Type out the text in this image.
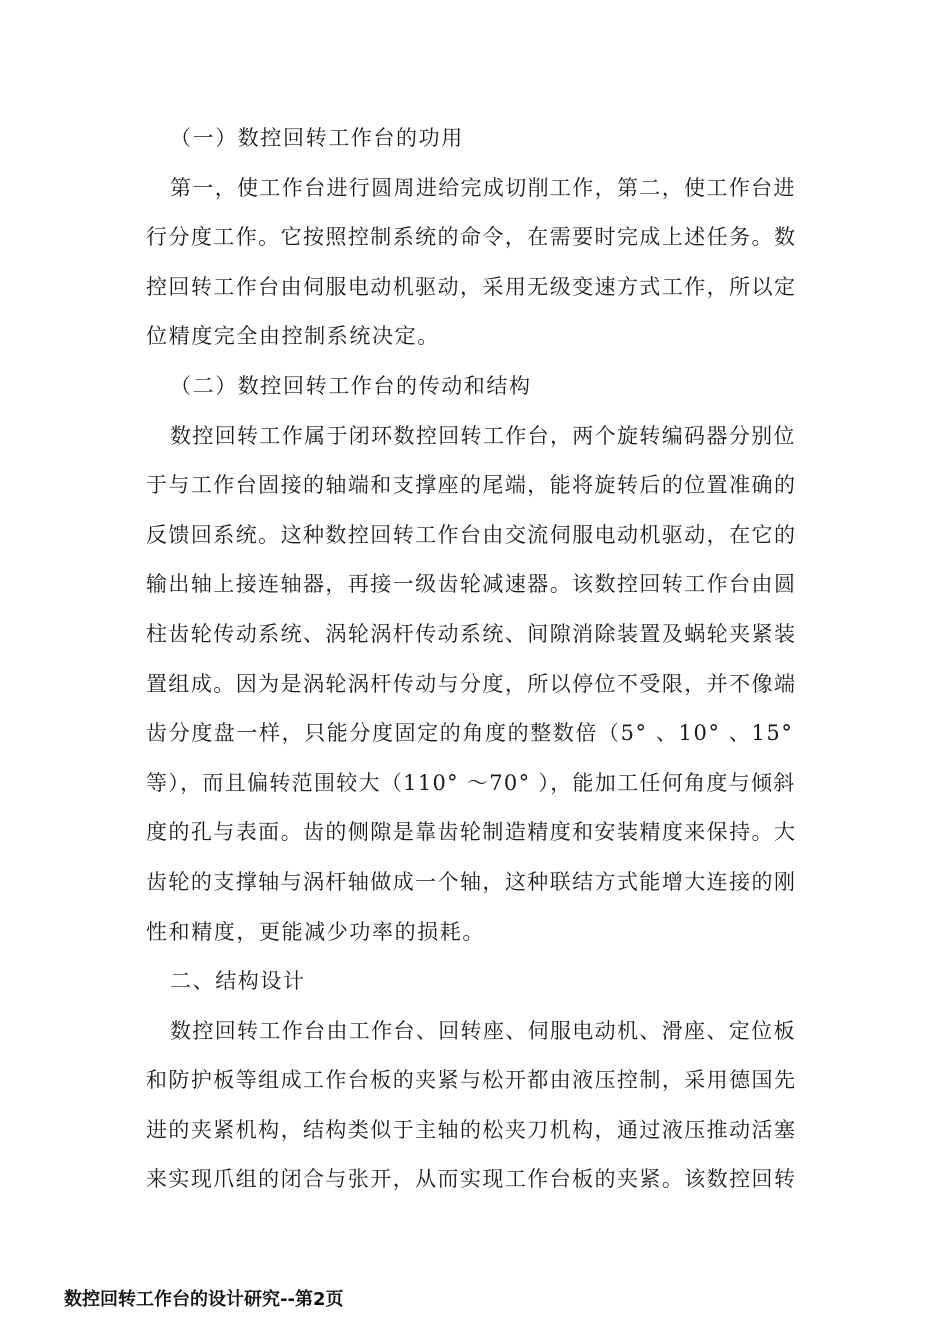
（一）数控回转工作台的功用
第一，使工作台进行圆周进给完成切削工作，第二，使工作台进
行分度工作。它按照控制系统的命令，在需要时完成上述任务。数
控回转工作台由伺服电动机驱动，采用无级变速方式工作，所以定
位精度完全由控制系统决定。
（二）数控回转工作台的传动和结构
数控回转工作属于闭环数控回转工作台，两个旋转编码器分别位
于与工作台固接的轴端和支撑座的尾端，能将旋转后的位置准确的
反馈回系统。这种数控回转工作台由交流伺服电动机驱动，在它的
输出轴上接连轴器，再接一级齿轮减速器。该数控回转工作台由圆
柱齿轮传动系统、涡轮涡杆传动系统、间隙消除装置及蜗轮夹紧装
置组成。因为是涡轮涡杆传动与分度，所以停位不受限，并不像端
齿分度盘一样，只能分度固定的角度的整数倍（5° 、10° 、15°
等），而且偏转范围较大（110° ～70° ），能加工任何角度与倾斜
度的孔与表面。齿的侧隙是靠齿轮制造精度和安装精度来保持。大
齿轮的支撑轴与涡杆轴做成一个轴，这种联结方式能增大连接的刚
性和精度，更能减少功率的损耗。
二、结构设计
数控回转工作台由工作台、回转座、伺服电动机、滑座、定位板
和防护板等组成工作台板的夹紧与松开都由液压控制，采用德国先
进的夹紧机构，结构类似于主轴的松夹刀机构，通过液压推动活塞
来实现爪组的闭合与张开，从而实现工作台板的夹紧。该数控回转
数控回转工作台的设计研究--第2页
